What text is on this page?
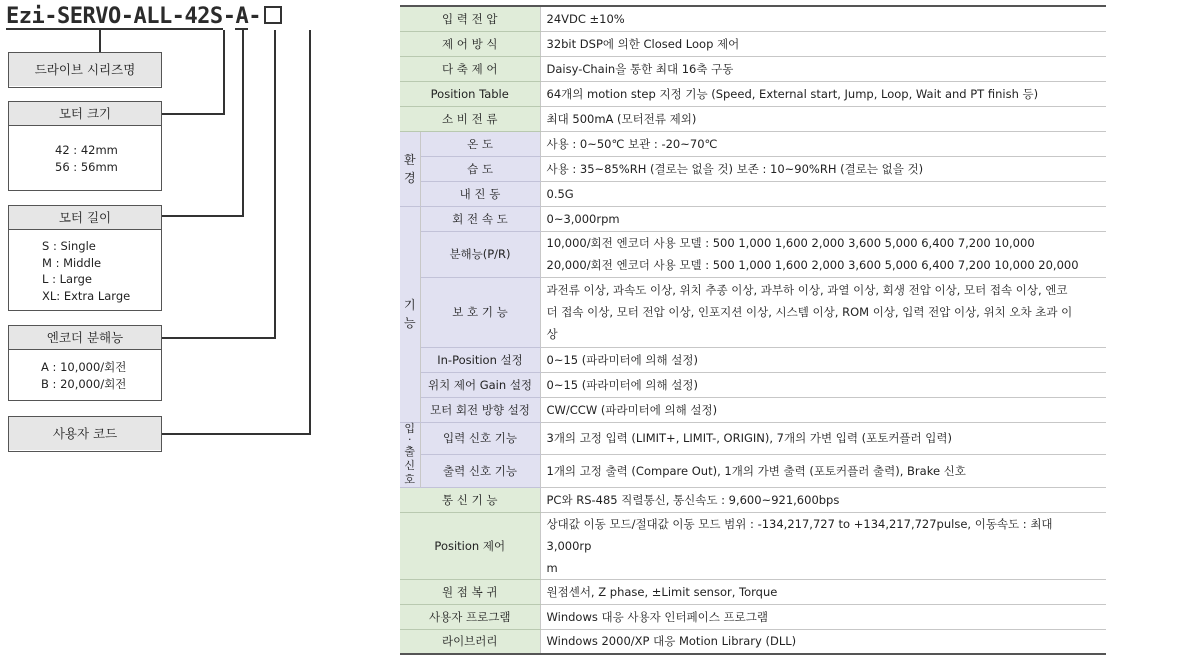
Ezi-SERVO-ALL-42S-A-
드라이브 시리즈명
모터 크기
42 : 42mm
56 : 56mm
모터 길이
S : Single
M : Middle
L : Large
XL: Extra Large
엔코더 분해능
A : 10,000/회전
B : 20,000/회전
사용자 코드
입 력 전 압		24VDC ±10%
제 어 방 식		32bit DSP에 의한 Closed Loop 제어
다 축 제 어		Daisy-Chain을 통한 최대 16축 구동
Position Table		64개의 motion step 지정 기능 (Speed, External start, Jump, Loop, Wait and PT finish 등)
소 비 전 류		최대 500mA (모터전류 제외)

환
경	온 도	사용 : 0~50℃ 보관 : -20~70℃
	습 도	사용 : 35~85%RH (결로는 없을 것) 보존 : 10~90%RH (결로는 없을 것)
	내 진 동	0.5G

기
능	회 전 속 도	0~3,000rpm
	분해능(P/R)	10,000/회전 엔코더 사용 모델 : 500 1,000 1,600 2,000 3,600 5,000 6,400 7,200 10,000
20,000/회전 엔코더 사용 모델 : 500 1,000 1,600 2,000 3,600 5,000 6,400 7,200 10,000 20,000

	보 호 기 능	과전류 이상, 과속도 이상, 위치 추종 이상, 과부하 이상, 과열 이상, 회생 전압 이상, 모터 접속 이상, 엔코
더 접속 이상, 모터 전압 이상, 인포지션 이상, 시스템 이상, ROM 이상, 입력 전압 이상, 위치 오차 초과 이
상

	In-Position 설정	0~15 (파라미터에 의해 설정)
	위치 제어 Gain 설정	0~15 (파라미터에 의해 설정)
	모터 회전 방향 설정	CW/CCW (파라미터에 의해 설정)

입
·
출
신
호	입력 신호 기능	3개의 고정 입력 (LIMIT+, LIMIT-, ORIGIN), 7개의 가변 입력 (포토커플러 입력)
	출력 신호 기능	1개의 고정 출력 (Compare Out), 1개의 가변 출력 (포토커플러 출력), Brake 신호
통 신 기 능		PC와 RS-485 직렬통신, 통신속도 : 9,600~921,600bps
Position 제어		상대값 이동 모드/절대값 이동 모드 범위 : -134,217,727 to +134,217,727pulse, 이동속도 : 최대 3,000rp
m

원 점 복 귀		원점센서, Z phase, ±Limit sensor, Torque
사용자 프로그램		Windows 대응 사용자 인터페이스 프로그램
라이브러리		Windows 2000/XP 대응 Motion Library (DLL)
